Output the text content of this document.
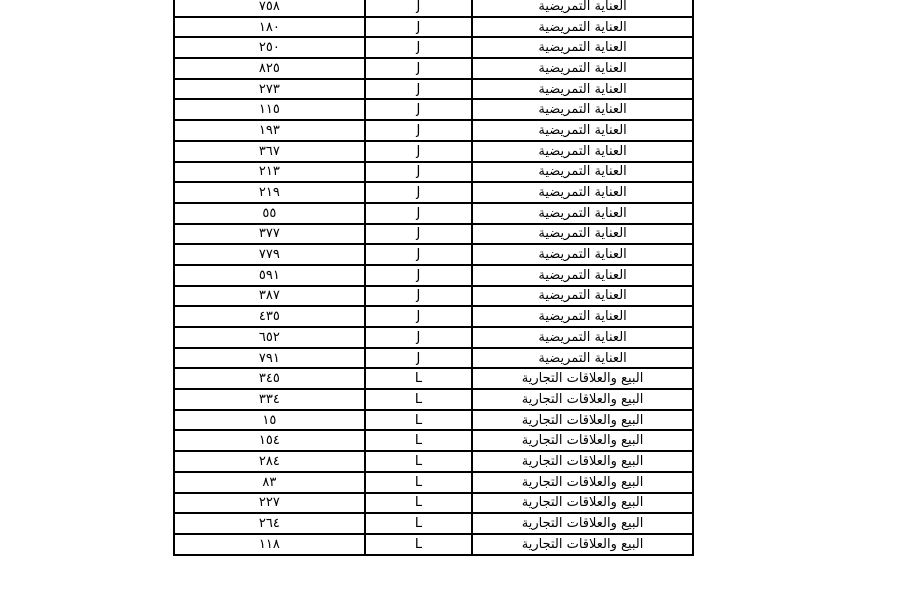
٧٥٨	J	العناية التمريضية
١٨٠	J	العناية التمريضية
٢٥٠	J	العناية التمريضية
٨٢٥	J	العناية التمريضية
٢٧٣	J	العناية التمريضية
١١٥	J	العناية التمريضية
١٩٣	J	العناية التمريضية
٣٦٧	J	العناية التمريضية
٢١٣	J	العناية التمريضية
٢١٩	J	العناية التمريضية
٥٥	J	العناية التمريضية
٣٧٧	J	العناية التمريضية
٧٧٩	J	العناية التمريضية
٥٩١	J	العناية التمريضية
٣٨٧	J	العناية التمريضية
٤٣٥	J	العناية التمريضية
٦٥٢	J	العناية التمريضية
٧٩١	J	العناية التمريضية
٣٤٥	L	البيع والعلاقات التجارية
٣٣٤	L	البيع والعلاقات التجارية
١٥	L	البيع والعلاقات التجارية
١٥٤	L	البيع والعلاقات التجارية
٢٨٤	L	البيع والعلاقات التجارية
٨٣	L	البيع والعلاقات التجارية
٢٢٧	L	البيع والعلاقات التجارية
٢٦٤	L	البيع والعلاقات التجارية
١١٨	L	البيع والعلاقات التجارية
